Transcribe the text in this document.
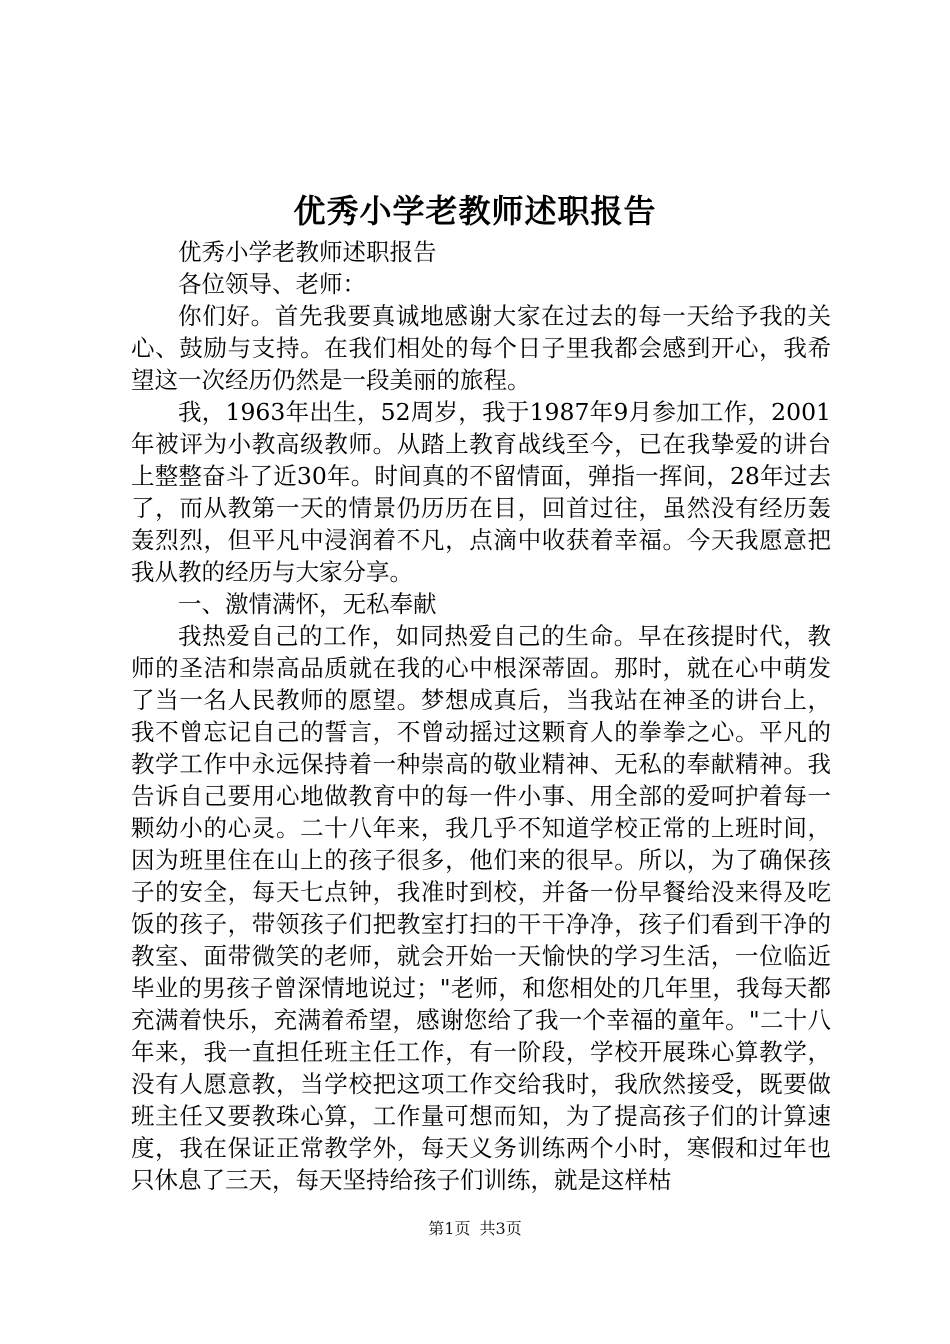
优秀小学老教师述职报告

优秀小学老教师述职报告

各位领导、老师：

你们好。首先我要真诚地感谢大家在过去的每一天给予我的关心、鼓励与支持。在我们相处的每个日子里我都会感到开心，我希望这一次经历仍然是一段美丽的旅程。

我，1963年出生，52周岁，我于1987年9月参加工作，2001年被评为小教高级教师。从踏上教育战线至今，已在我挚爱的讲台上整整奋斗了近30年。时间真的不留情面，弹指一挥间，28年过去了，而从教第一天的情景仍历历在目，回首过往，虽然没有经历轰轰烈烈，但平凡中浸润着不凡，点滴中收获着幸福。今天我愿意把我从教的经历与大家分享。

一、激情满怀，无私奉献

我热爱自己的工作，如同热爱自己的生命。早在孩提时代，教师的圣洁和崇高品质就在我的心中根深蒂固。那时，就在心中萌发了当一名人民教师的愿望。梦想成真后，当我站在神圣的讲台上，我不曾忘记自己的誓言，不曾动摇过这颗育人的拳拳之心。平凡的教学工作中永远保持着一种崇高的敬业精神、无私的奉献精神。我告诉自己要用心地做教育中的每一件小事、用全部的爱呵护着每一颗幼小的心灵。二十八年来，我几乎不知道学校正常的上班时间，因为班里住在山上的孩子很多，他们来的很早。所以，为了确保孩子的安全，每天七点钟，我准时到校，并备一份早餐给没来得及吃饭的孩子，带领孩子们把教室打扫的干干净净，孩子们看到干净的教室、面带微笑的老师，就会开始一天愉快的学习生活，一位临近毕业的男孩子曾深情地说过；"老师，和您相处的几年里，我每天都充满着快乐，充满着希望，感谢您给了我一个幸福的童年。"二十八年来，我一直担任班主任工作，有一阶段，学校开展珠心算教学，没有人愿意教，当学校把这项工作交给我时，我欣然接受，既要做班主任又要教珠心算，工作量可想而知，为了提高孩子们的计算速度，我在保证正常教学外，每天义务训练两个小时，寒假和过年也只休息了三天，每天坚持给孩子们训练，就是这样枯

第1页 共3页
